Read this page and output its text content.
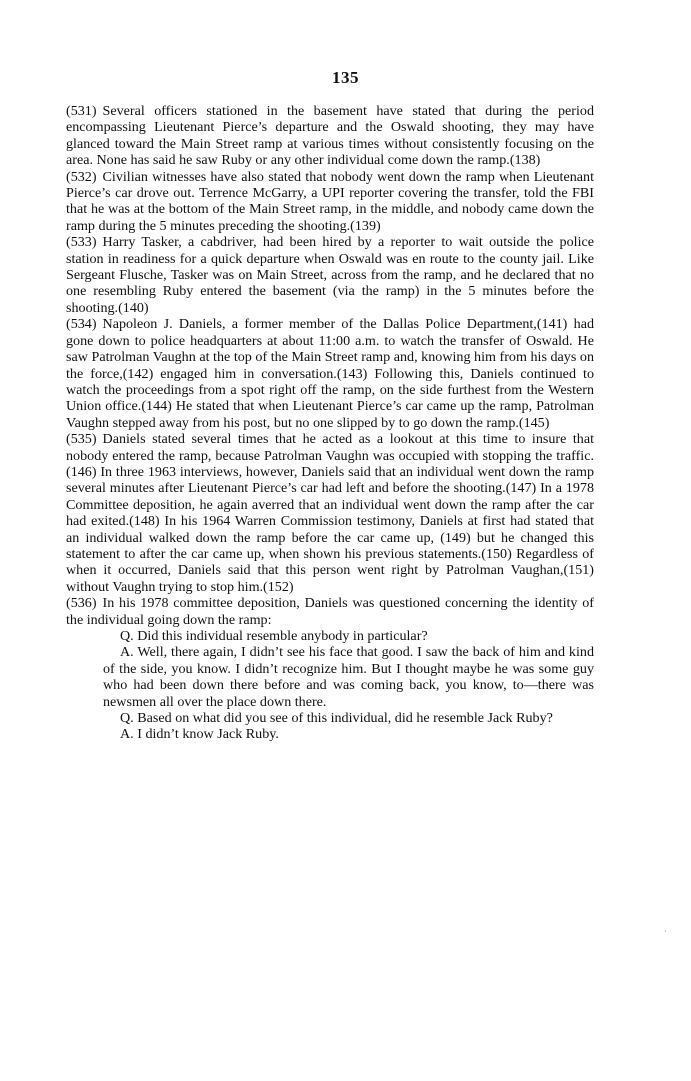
135

(531) Several officers stationed in the basement have stated that during the period encompassing Lieutenant Pierce’s departure and the Oswald shooting, they may have glanced toward the Main Street ramp at various times without consistently focusing on the area. None has said he saw Ruby or any other individual come down the ramp.(138)

(532) Civilian witnesses have also stated that nobody went down the ramp when Lieutenant Pierce’s car drove out. Terrence McGarry, a UPI reporter covering the transfer, told the FBI that he was at the bottom of the Main Street ramp, in the middle, and nobody came down the ramp during the 5 minutes preceding the shooting.(139)

(533) Harry Tasker, a cabdriver, had been hired by a reporter to wait outside the police station in readiness for a quick departure when Oswald was en route to the county jail. Like Sergeant Flusche, Tasker was on Main Street, across from the ramp, and he declared that no one resembling Ruby entered the basement (via the ramp) in the 5 minutes before the shooting.(140)

(534) Napoleon J. Daniels, a former member of the Dallas Police Department,(141) had gone down to police headquarters at about 11:00 a.m. to watch the transfer of Oswald. He saw Patrolman Vaughn at the top of the Main Street ramp and, knowing him from his days on the force,(142) engaged him in conversation.(143) Following this, Daniels continued to watch the proceedings from a spot right off the ramp, on the side furthest from the Western Union office.(144) He stated that when Lieutenant Pierce’s car came up the ramp, Patrolman Vaughn stepped away from his post, but no one slipped by to go down the ramp.(145)

(535) Daniels stated several times that he acted as a lookout at this time to insure that nobody entered the ramp, because Patrolman Vaughn was occupied with stopping the traffic.(146) In three 1963 interviews, however, Daniels said that an individual went down the ramp several minutes after Lieutenant Pierce’s car had left and before the shooting.(147) In a 1978 Committee deposition, he again averred that an individual went down the ramp after the car had exited.(148) In his 1964 Warren Commission testimony, Daniels at first had stated that an individual walked down the ramp before the car came up, (149) but he changed this statement to after the car came up, when shown his previous statements.(150) Regardless of when it occurred, Daniels said that this person went right by Patrolman Vaughan,(151) without Vaughn trying to stop him.(152)

(536) In his 1978 committee deposition, Daniels was questioned concerning the identity of the individual going down the ramp:

Q. Did this individual resemble anybody in particular?
A. Well, there again, I didn’t see his face that good. I saw the back of him and kind of the side, you know. I didn’t recognize him. But I thought maybe he was some guy who had been down there before and was coming back, you know, to—there was newsmen all over the place down there.
Q. Based on what did you see of this individual, did he resemble Jack Ruby?
A. I didn’t know Jack Ruby.
·
